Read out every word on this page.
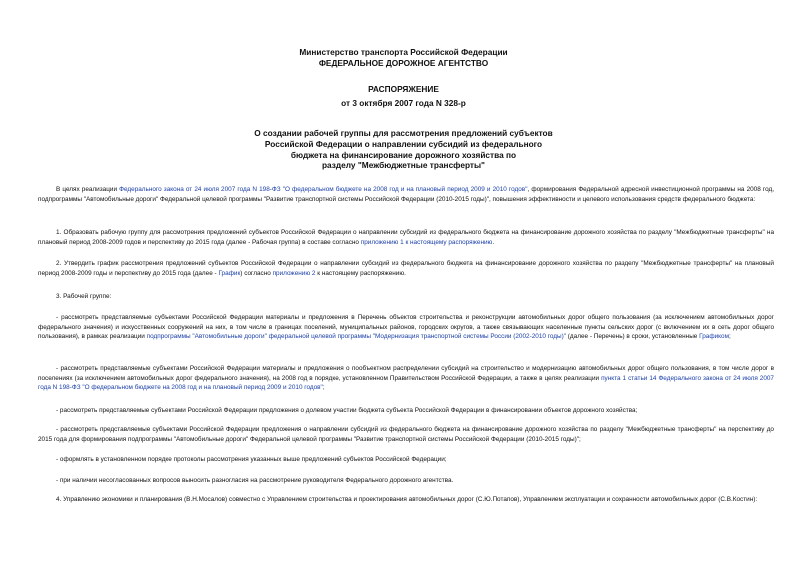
Министерство транспорта Российской Федерации
ФЕДЕРАЛЬНОЕ ДОРОЖНОЕ АГЕНТСТВО
РАСПОРЯЖЕНИЕ
от 3 октября 2007 года N 328-р
О создании рабочей группы для рассмотрения предложений субъектов
Российской Федерации о направлении субсидий из федерального
бюджета на финансирование дорожного хозяйства по
разделу "Межбюджетные трансферты"
В целях реализации Федерального закона от 24 июля 2007 года N 198-ФЗ "О федеральном бюджете на 2008 год и на плановый период 2009 и 2010 годов", формирования Федеральной адресной инвестиционной программы на 2008 год, подпрограммы "Автомобильные дороги" Федеральной целевой программы "Развитие транспортной системы Российской Федерации (2010-2015 годы)", повышения эффективности и целевого использования средств федерального бюджета:
1. Образовать рабочую группу для рассмотрения предложений субъектов Российской Федерации о направлении субсидий из федерального бюджета на финансирование дорожного хозяйства по разделу "Межбюджетные трансферты" на плановый период 2008-2009 годов и перспективу до 2015 года (далее - Рабочая группа) в составе согласно приложению 1 к настоящему распоряжению.
2. Утвердить график рассмотрения предложений субъектов Российской Федерации о направлении субсидий из федерального бюджета на финансирование дорожного хозяйства по разделу "Межбюджетные трансферты" на плановый период 2008-2009 годы и перспективу до 2015 года (далее - График) согласно приложению 2 к настоящему распоряжению.
3. Рабочей группе:
- рассмотреть представляемые субъектами Российской Федерации материалы и предложения в Перечень объектов строительства и реконструкции автомобильных дорог общего пользования (за исключением автомобильных дорог федерального значения) и искусственных сооружений на них, в том числе в границах поселений, муниципальных районов, городских округов, а также связывающих населенные пункты сельских дорог (с включением их в сеть дорог общего пользования), в рамках реализации подпрограммы "Автомобильные дороги" федеральной целевой программы "Модернизация транспортной системы России (2002-2010 годы)" (далее - Перечень) в сроки, установленные Графиком;
- рассмотреть представляемые субъектами Российской Федерации материалы и предложения о пообъектном распределении субсидий на строительство и модернизацию автомобильных дорог общего пользования, в том числе дорог в поселениях (за исключением автомобильных дорог федерального значения), на 2008 год в порядке, установленном Правительством Российской Федерации, а также в целях реализации пункта 1 статьи 14 Федерального закона от 24 июля 2007 года N 198-ФЗ "О федеральном бюджете на 2008 год и на плановый период 2009 и 2010 годов";
- рассмотреть представляемые субъектами Российской Федерации предложения о долевом участии бюджета субъекта Российской Федерации в финансировании объектов дорожного хозяйства;
- рассмотреть представляемые субъектами Российской Федерации предложения о направлении субсидий из федерального бюджета на финансирование дорожного хозяйства по разделу "Межбюджетные трансферты" на перспективу до 2015 года для формирования подпрограммы "Автомобильные дороги" Федеральной целевой программы "Развитие транспортной системы Российской Федерации (2010-2015 годы)";
- оформлять в установленном порядке протоколы рассмотрения указанных выше предложений субъектов Российской Федерации;
- при наличии несогласованных вопросов выносить разногласия на рассмотрение руководителя Федерального дорожного агентства.
4. Управлению экономики и планирования (В.Н.Мосалов) совместно с Управлением строительства и проектирования автомобильных дорог (С.Ю.Потапов), Управлением эксплуатации и сохранности автомобильных дорог (С.В.Костин):
